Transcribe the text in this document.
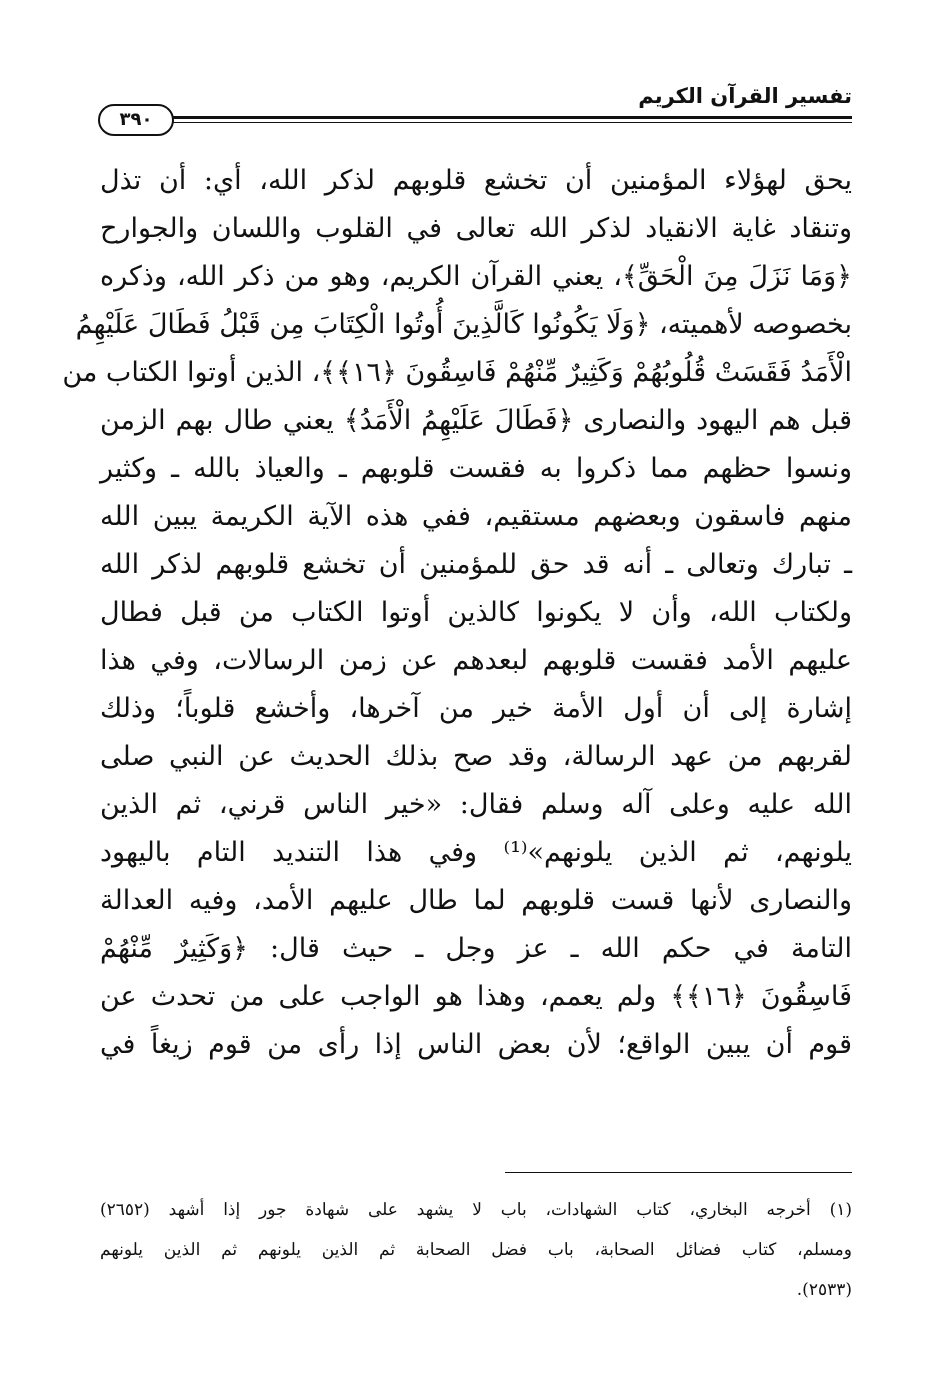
تفسير القرآن الكريم
٣٩٠
يحق لهؤلاء المؤمنين أن تخشع قلوبهم لذكر الله، أي: أن تذل
وتنقاد غاية الانقياد لذكر الله تعالى في القلوب واللسان والجوارح
﴿وَمَا نَزَلَ مِنَ الْحَقِّ﴾، يعني القرآن الكريم، وهو من ذكر الله، وذكره
بخصوصه لأهميته، ﴿وَلَا يَكُونُوا كَالَّذِينَ أُوتُوا الْكِتَابَ مِن قَبْلُ فَطَالَ عَلَيْهِمُ
الْأَمَدُ فَقَسَتْ قُلُوبُهُمْ وَكَثِيرٌ مِّنْهُمْ فَاسِقُونَ ﴿١٦﴾﴾، الذين أوتوا الكتاب من
قبل هم اليهود والنصارى ﴿فَطَالَ عَلَيْهِمُ الْأَمَدُ﴾ يعني طال بهم الزمن
ونسوا حظهم مما ذكروا به فقست قلوبهم ـ والعياذ بالله ـ وكثير
منهم فاسقون وبعضهم مستقيم، ففي هذه الآية الكريمة يبين الله
ـ تبارك وتعالى ـ أنه قد حق للمؤمنين أن تخشع قلوبهم لذكر الله
ولكتاب الله، وأن لا يكونوا كالذين أوتوا الكتاب من قبل فطال
عليهم الأمد فقست قلوبهم لبعدهم عن زمن الرسالات، وفي هذا
إشارة إلى أن أول الأمة خير من آخرها، وأخشع قلوباً؛ وذلك
لقربهم من عهد الرسالة، وقد صح بذلك الحديث عن النبي صلى
الله عليه وعلى آله وسلم فقال: «خير الناس قرني، ثم الذين
يلونهم، ثم الذين يلونهم»⁽¹⁾ وفي هذا التنديد التام باليهود
والنصارى لأنها قست قلوبهم لما طال عليهم الأمد، وفيه العدالة
التامة في حكم الله ـ عز وجل ـ حيث قال: ﴿وَكَثِيرٌ مِّنْهُمْ
فَاسِقُونَ ﴿١٦﴾﴾ ولم يعمم، وهذا هو الواجب على من تحدث عن
قوم أن يبين الواقع؛ لأن بعض الناس إذا رأى من قوم زيغاً في
(١) أخرجه البخاري، كتاب الشهادات، باب لا يشهد على شهادة جور إذا أشهد (٢٦٥٢)
ومسلم، كتاب فضائل الصحابة، باب فضل الصحابة ثم الذين يلونهم ثم الذين يلونهم
(٢٥٣٣).
